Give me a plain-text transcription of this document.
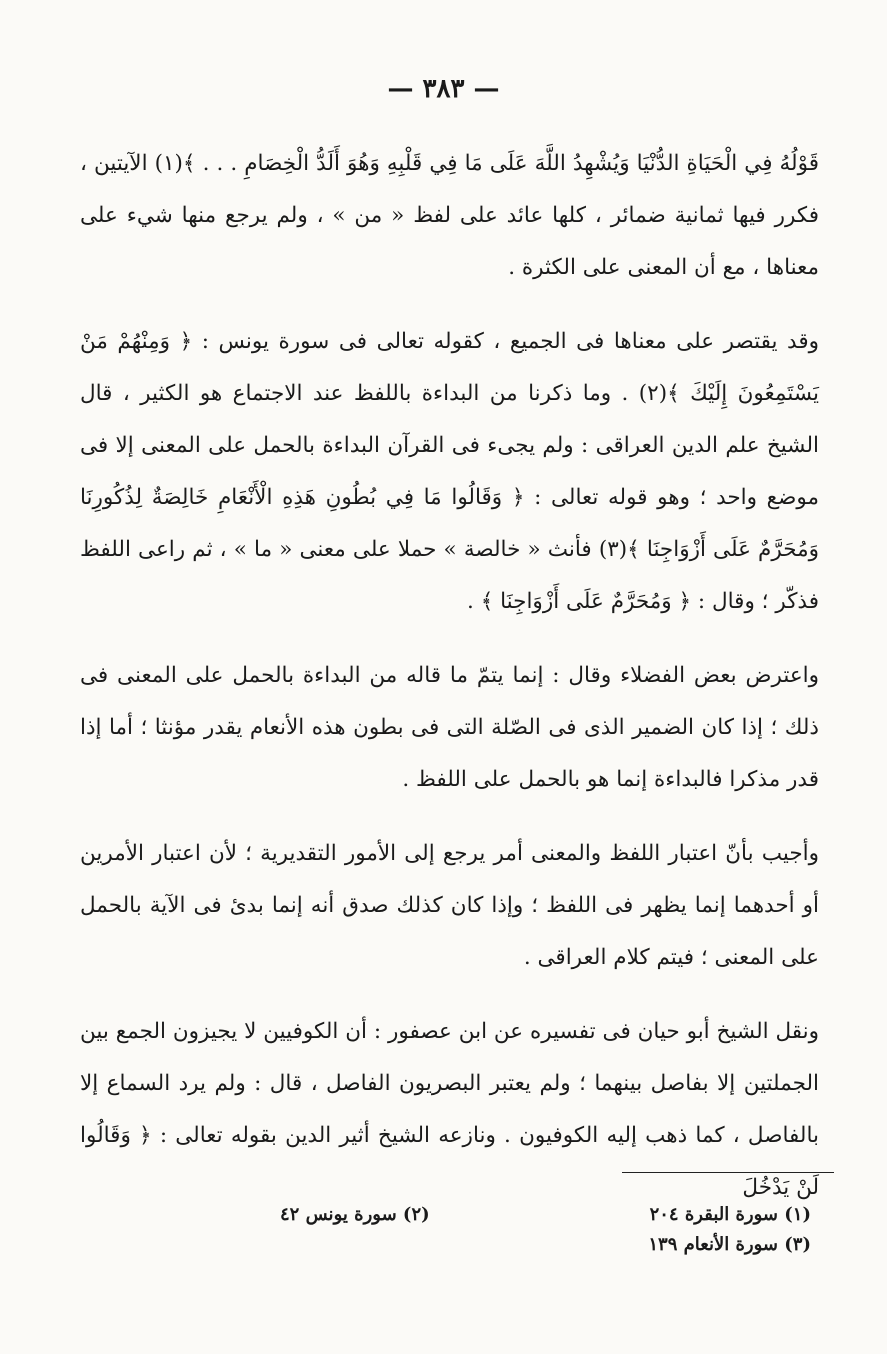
— ٣٨٣ —

قَوْلُهُ فِي الْحَيَاةِ الدُّنْيَا وَيُشْهِدُ اللَّهَ عَلَى مَا فِي قَلْبِهِ وَهُوَ أَلَدُّ الْخِصَامِ . . . ﴾(١) الآيتين ، فكرر فيها ثمانية ضمائر ، كلها عائد على لفظ « من » ، ولم يرجع منها شيء على معناها ، مع أن المعنى على الكثرة .

وقد يقتصر على معناها فى الجميع ، كقوله تعالى فى سورة يونس : ﴿ وَمِنْهُمْ مَنْ يَسْتَمِعُونَ إِلَيْكَ ﴾(٢) . وما ذكرنا من البداءة باللفظ عند الاجتماع هو الكثير ، قال الشيخ علم الدين العراقى : ولم يجىء فى القرآن البداءة بالحمل على المعنى إلا فى موضع واحد ؛ وهو قوله تعالى : ﴿ وَقَالُوا مَا فِي بُطُونِ هَذِهِ الْأَنْعَامِ خَالِصَةٌ لِذُكُورِنَا وَمُحَرَّمٌ عَلَى أَزْوَاجِنَا ﴾(٣) فأنث « خالصة » حملا على معنى « ما » ، ثم راعى اللفظ فذكّر ؛ وقال : ﴿ وَمُحَرَّمٌ عَلَى أَزْوَاجِنَا ﴾ .

واعترض بعض الفضلاء وقال : إنما يتمّ ما قاله من البداءة بالحمل على المعنى فى ذلك ؛ إذا كان الضمير الذى فى الصّلة التى فى بطون هذه الأنعام يقدر مؤنثا ؛ أما إذا قدر مذكرا فالبداءة إنما هو بالحمل على اللفظ .

وأجيب بأنّ اعتبار اللفظ والمعنى أمر يرجع إلى الأمور التقديرية ؛ لأن اعتبار الأمرين أو أحدهما إنما يظهر فى اللفظ ؛ وإذا كان كذلك صدق أنه إنما بدئ فى الآية بالحمل على المعنى ؛ فيتم كلام العراقى .

ونقل الشيخ أبو حيان فى تفسيره عن ابن عصفور : أن الكوفيين لا يجيزون الجمع بين الجملتين إلا بفاصل بينهما ؛ ولم يعتبر البصريون الفاصل ، قال : ولم يرد السماع إلا بالفاصل ، كما ذهب إليه الكوفيون . ونازعه الشيخ أثير الدين بقوله تعالى : ﴿ وَقَالُوا لَنْ يَدْخُلَ

(١) سورة البقرة ٢٠٤
(٢) سورة يونس ٤٢
(٣) سورة الأنعام ١٣٩
